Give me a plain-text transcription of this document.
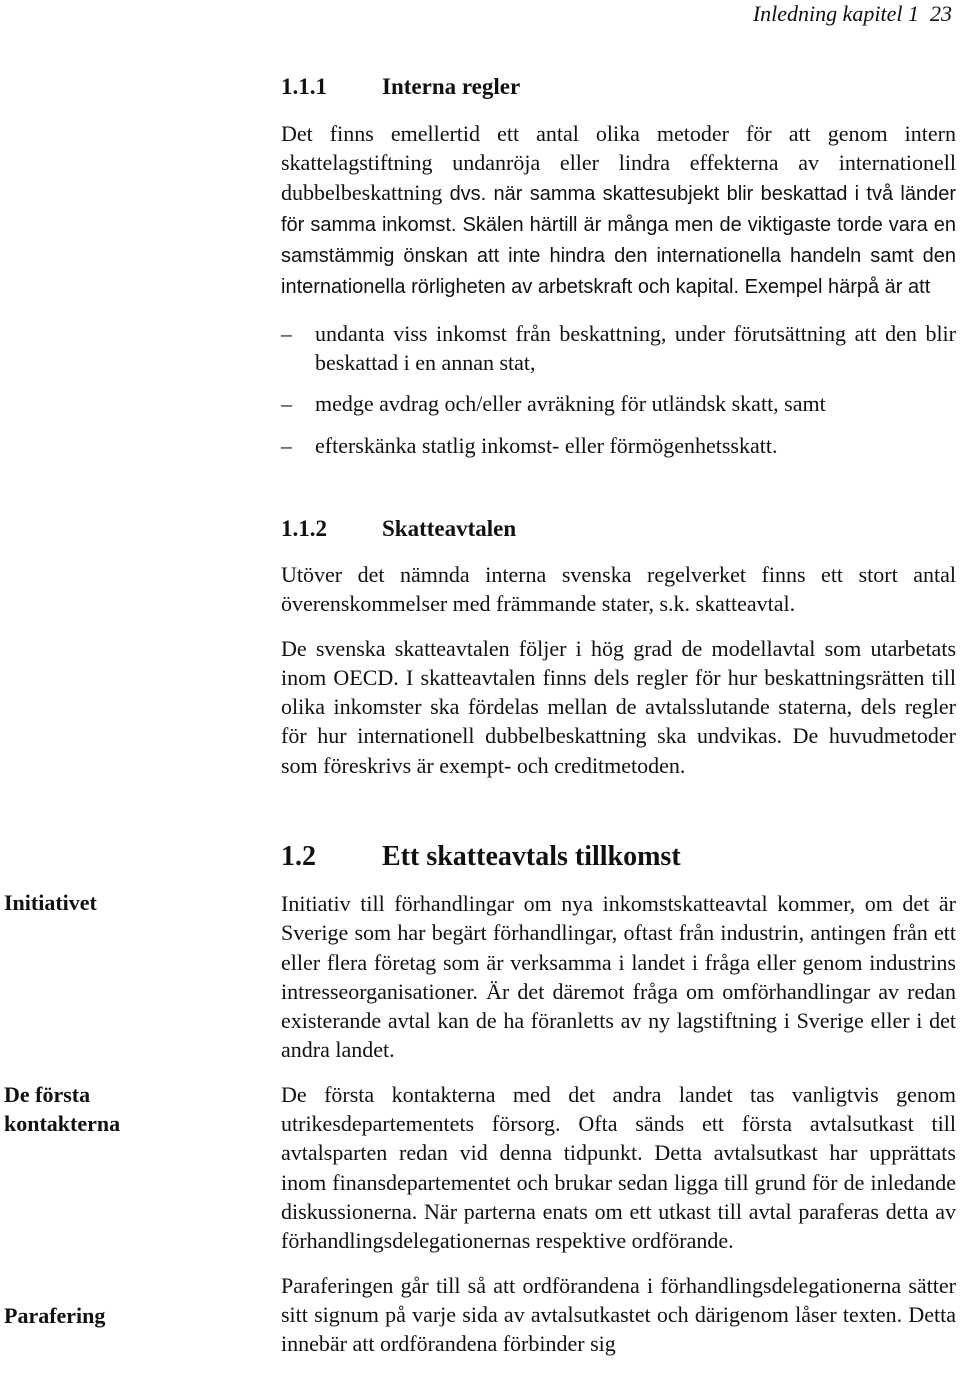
Inledning kapitel 1 23
1.1.1 Interna regler

Det finns emellertid ett antal olika metoder för att genom intern skattelagstiftning undanröja eller lindra effekterna av internationell dubbelbeskattning dvs. när samma skattesubjekt blir beskattad i två länder för samma inkomst. Skälen härtill är många men de viktigaste torde vara en samstämmig önskan att inte hindra den internationella handeln samt den internationella rörligheten av arbetskraft och kapital. Exempel härpå är att

– undanta viss inkomst från beskattning, under förutsättning att den blir beskattad i en annan stat,

– medge avdrag och/eller avräkning för utländsk skatt, samt

– efterskänka statlig inkomst- eller förmögenhetsskatt.

1.1.2 Skatteavtalen

Utöver det nämnda interna svenska regelverket finns ett stort antal överenskommelser med främmande stater, s.k. skatteavtal.

De svenska skatteavtalen följer i hög grad de modellavtal som utarbetats inom OECD. I skatteavtalen finns dels regler för hur beskattningsrätten till olika inkomster ska fördelas mellan de avtalsslutande staterna, dels regler för hur internationell dubbelbeskattning ska undvikas. De huvudmetoder som föreskrivs är exempt- och creditmetoden.

1.2 Ett skatteavtals tillkomst

Initiativ till förhandlingar om nya inkomstskatteavtal kommer, om det är Sverige som har begärt förhandlingar, oftast från industrin, antingen från ett eller flera företag som är verksamma i landet i fråga eller genom industrins intresseorganisationer. Är det däremot fråga om omförhandlingar av redan existerande avtal kan de ha föranletts av ny lagstiftning i Sverige eller i det andra landet.

De första kontakterna med det andra landet tas vanligtvis genom utrikesdepartementets försorg. Ofta sänds ett första avtalsutkast till avtalsparten redan vid denna tidpunkt. Detta avtalsutkast har upprättats inom finansdepartementet och brukar sedan ligga till grund för de inledande diskussionerna. När parterna enats om ett utkast till avtal paraferas detta av förhandlingsdelegationernas respektive ordförande.

Paraferingen går till så att ordförandena i förhandlingsdelegationerna sätter sitt signum på varje sida av avtalsutkastet och därigenom låser texten. Detta innebär att ordförandena förbinder sig

Initiativet
De första kontakterna
Parafering
